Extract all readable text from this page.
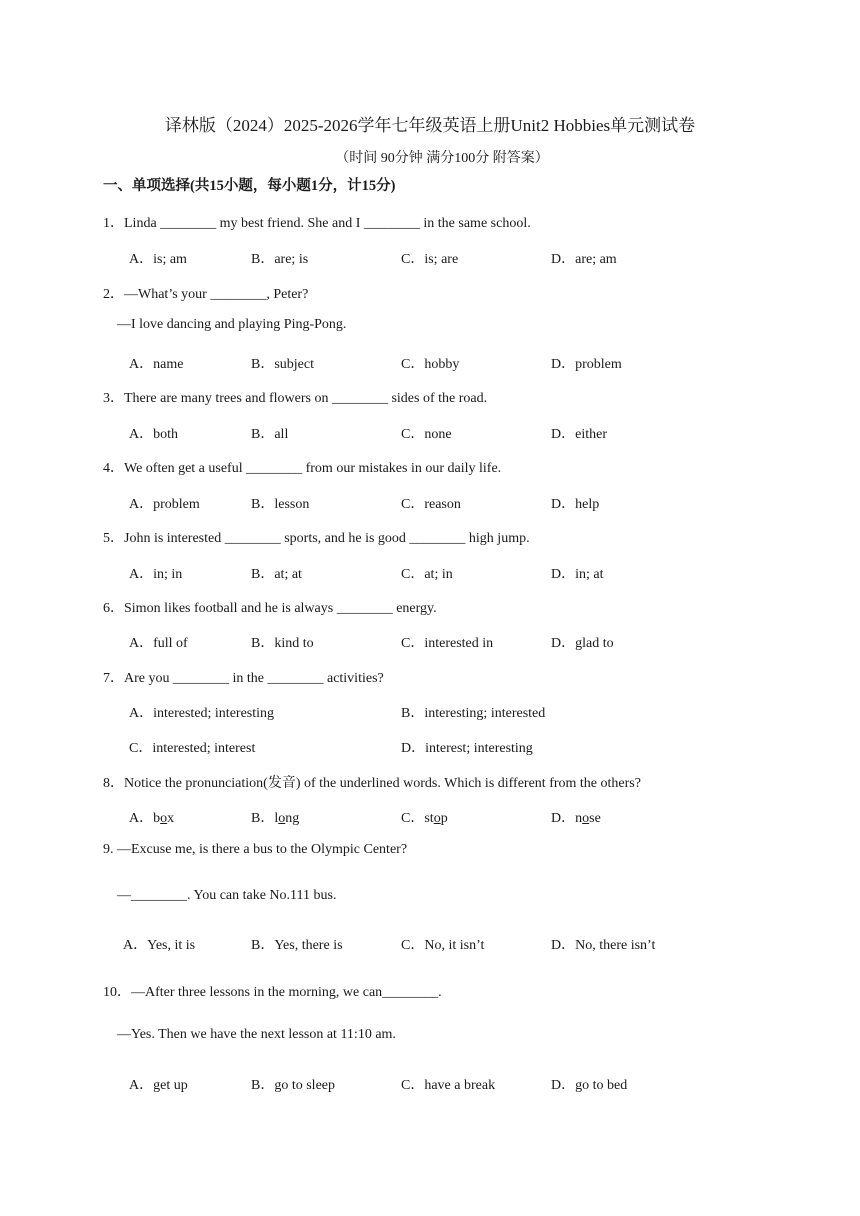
译林版（2024）2025-2026学年七年级英语上册Unit2 Hobbies单元测试卷
（时间 90分钟 满分100分 附答案）
一、单项选择(共15小题，每小题1分，计15分)
1．Linda ________ my best friend. She and I ________ in the same school.
A．is; am	B．are; is	C．is; are	D．are; am
2．—What’s your ________, Peter?
—I love dancing and playing Ping-Pong.
A．name	B．subject	C．hobby	D．problem
3．There are many trees and flowers on ________ sides of the road.
A．both	B．all	C．none	D．either
4．We often get a useful ________ from our mistakes in our daily life.
A．problem	B．lesson	C．reason	D．help
5．John is interested ________ sports, and he is good ________ high jump.
A．in; in	B．at; at	C．at; in	D．in; at
6．Simon likes football and he is always ________ energy.
A．full of	B．kind to	C．interested in	D．glad to
7．Are you ________ in the ________ activities?
A．interested; interesting	B．interesting; interested
C．interested; interest	D．interest; interesting
8．Notice the pronunciation(发音) of the underlined words. Which is different from the others?
A．box	B．long	C．stop	D．nose
9. —Excuse me, is there a bus to the Olympic Center?
—________. You can take No.111 bus.
A．Yes, it is	B．Yes, there is	C．No, it isn’t	D．No, there isn’t
10．—After three lessons in the morning, we can________.
—Yes. Then we have the next lesson at 11:10 am.
A．get up	B．go to sleep	C．have a break	D．go to bed
